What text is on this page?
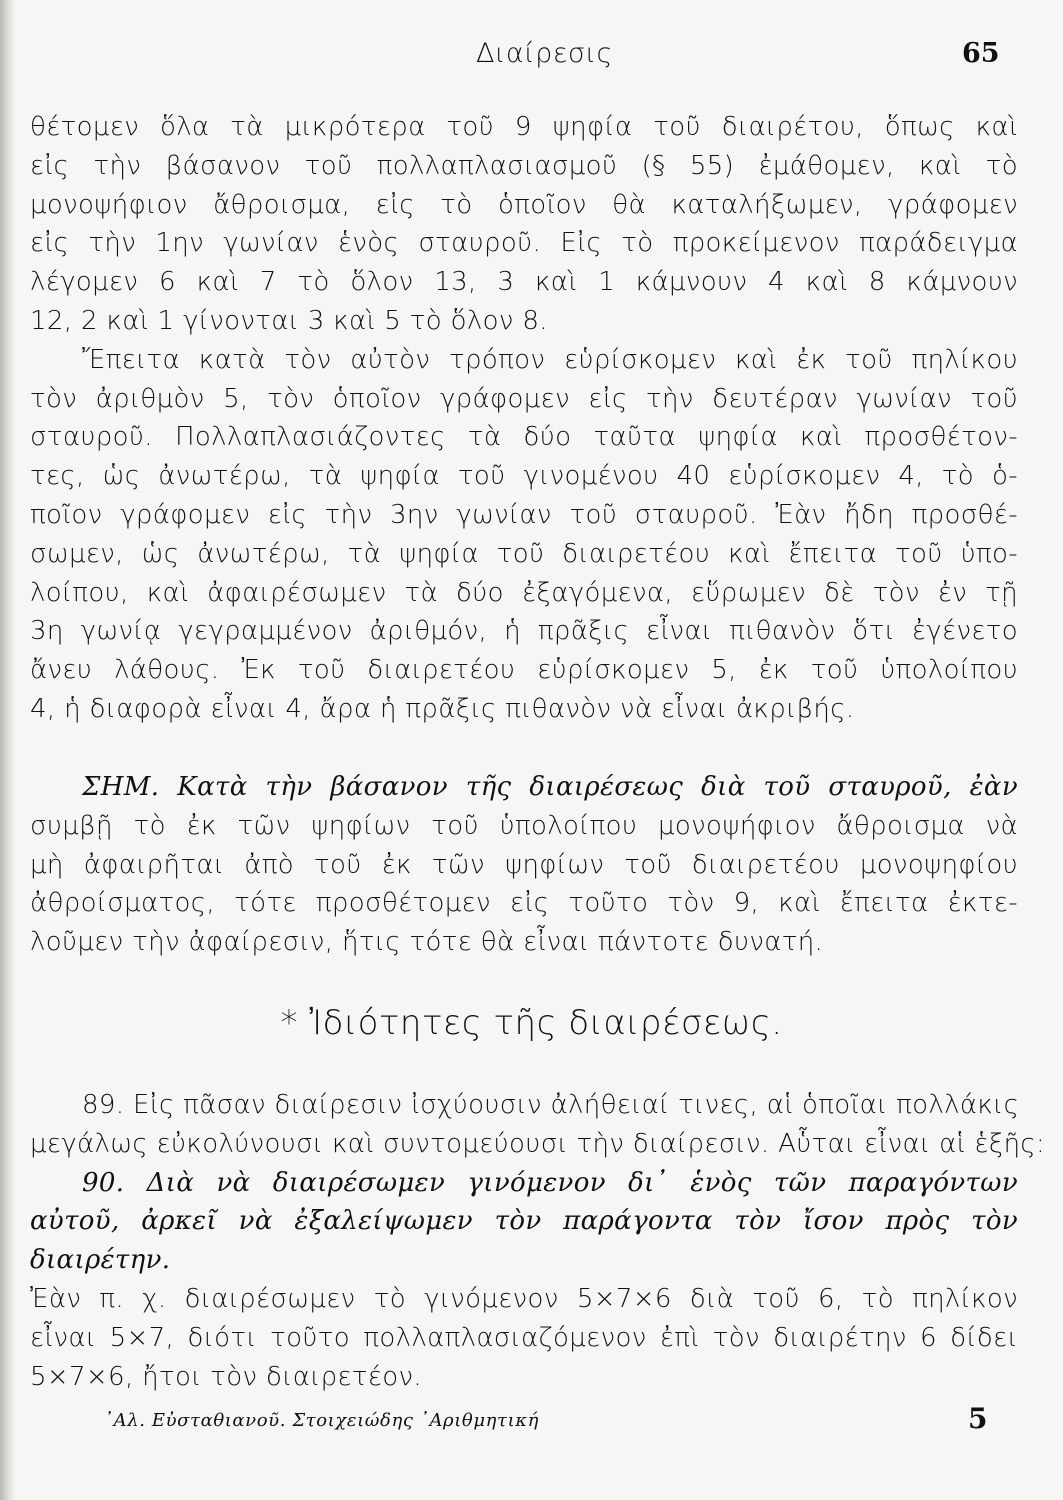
Διαίρεσις	65
θέτομεν ὅλα τὰ μικρότερα τοῦ 9 ψηφία τοῦ διαιρέτου, ὅπως καὶ
εἰς τὴν βάσανον τοῦ πολλαπλασιασμοῦ (§ 55) ἐμάθομεν, καὶ τὸ
μονοψήφιον ἄθροισμα, εἰς τὸ ὁποῖον θὰ καταλήξωμεν, γράφομεν
εἰς τὴν 1ην γωνίαν ἑνὸς σταυροῦ. Εἰς τὸ προκείμενον παράδειγμα
λέγομεν 6 καὶ 7 τὸ ὅλον 13, 3 καὶ 1 κάμνουν 4 καὶ 8 κάμνουν
12, 2 καὶ 1 γίνονται 3 καὶ 5 τὸ ὅλον 8.
Ἔπειτα κατὰ τὸν αὐτὸν τρόπον εὑρίσκομεν καὶ ἐκ τοῦ πηλίκου
τὸν ἀριθμὸν 5, τὸν ὁποῖον γράφομεν εἰς τὴν δευτέραν γωνίαν τοῦ
σταυροῦ. Πολλαπλασιάζοντες τὰ δύο ταῦτα ψηφία καὶ προσθέτον-
τες, ὡς ἀνωτέρω, τὰ ψηφία τοῦ γινομένου 40 εὑρίσκομεν 4, τὸ ὁ-
ποῖον γράφομεν εἰς τὴν 3ην γωνίαν τοῦ σταυροῦ. Ἐὰν ἤδη προσθέ-
σωμεν, ὡς ἀνωτέρω, τὰ ψηφία τοῦ διαιρετέου καὶ ἔπειτα τοῦ ὑπο-
λοίπου, καὶ ἀφαιρέσωμεν τὰ δύο ἐξαγόμενα, εὕρωμεν δὲ τὸν ἐν τῇ
3η γωνίᾳ γεγραμμένον ἀριθμόν, ἡ πρᾶξις εἶναι πιθανὸν ὅτι ἐγένετο
ἄνευ λάθους. Ἐκ τοῦ διαιρετέου εὑρίσκομεν 5, ἐκ τοῦ ὑπολοίπου
4, ἡ διαφορὰ εἶναι 4, ἄρα ἡ πρᾶξις πιθανὸν νὰ εἶναι ἀκριβής.
ΣΗΜ. Κατὰ τὴν βάσανον τῆς διαιρέσεως διὰ τοῦ σταυροῦ, ἐὰν
συμβῇ τὸ ἐκ τῶν ψηφίων τοῦ ὑπολοίπου μονοψήφιον ἄθροισμα νὰ
μὴ ἀφαιρῆται ἀπὸ τοῦ ἐκ τῶν ψηφίων τοῦ διαιρετέου μονοψηφίου
ἀθροίσματος, τότε προσθέτομεν εἰς τοῦτο τὸν 9, καὶ ἔπειτα ἐκτε-
λοῦμεν τὴν ἀφαίρεσιν, ἥτις τότε θὰ εἶναι πάντοτε δυνατή.
* Ἰδιότητες τῆς διαιρέσεως.
89. Εἰς πᾶσαν διαίρεσιν ἰσχύουσιν ἀλήθειαί τινες, αἱ ὁποῖαι πολλάκις
μεγάλως εὐκολύνουσι καὶ συντομεύουσι τὴν διαίρεσιν. Αὗται εἶναι αἱ ἑξῆς:
90. Διὰ νὰ διαιρέσωμεν γινόμενον δι᾽ ἑνὸς τῶν παραγόντων
αὐτοῦ, ἀρκεῖ νὰ ἐξαλείψωμεν τὸν παράγοντα τὸν ἴσον πρὸς τὸν
διαιρέτην.
Ἐὰν π. χ. διαιρέσωμεν τὸ γινόμενον 5×7×6 διὰ τοῦ 6, τὸ πηλίκον
εἶναι 5×7, διότι τοῦτο πολλαπλασιαζόμενον ἐπὶ τὸν διαιρέτην 6 δίδει
5×7×6, ἤτοι τὸν διαιρετέον.
᾽Αλ. Εὐσταθιανοῦ. Στοιχειώδης ᾽Αριθμητική	5
